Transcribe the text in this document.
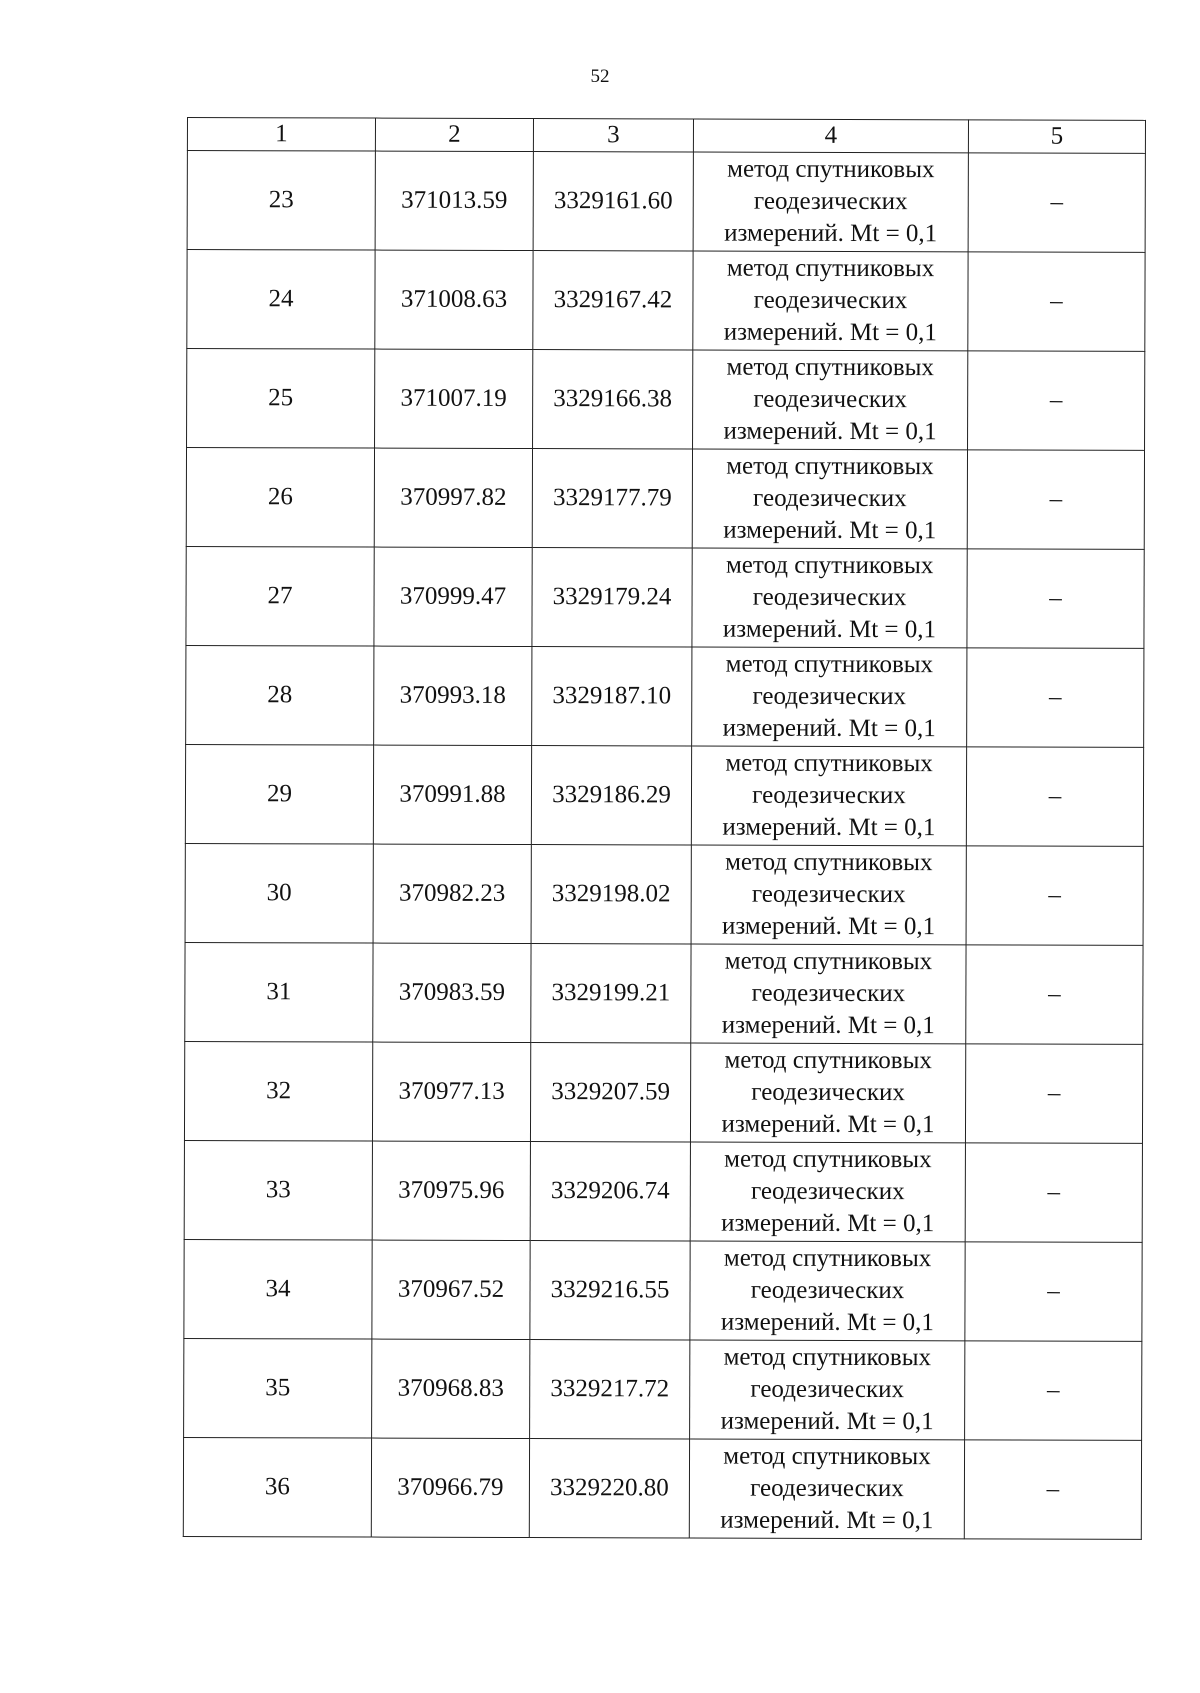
52
1	2	3	4	5
23	371013.59	3329161.60	метод спутниковых
геодезических
измерений. Mt = 0,1	–
24	371008.63	3329167.42	метод спутниковых
геодезических
измерений. Mt = 0,1	–
25	371007.19	3329166.38	метод спутниковых
геодезических
измерений. Mt = 0,1	–
26	370997.82	3329177.79	метод спутниковых
геодезических
измерений. Mt = 0,1	–
27	370999.47	3329179.24	метод спутниковых
геодезических
измерений. Mt = 0,1	–
28	370993.18	3329187.10	метод спутниковых
геодезических
измерений. Mt = 0,1	–
29	370991.88	3329186.29	метод спутниковых
геодезических
измерений. Mt = 0,1	–
30	370982.23	3329198.02	метод спутниковых
геодезических
измерений. Mt = 0,1	–
31	370983.59	3329199.21	метод спутниковых
геодезических
измерений. Mt = 0,1	–
32	370977.13	3329207.59	метод спутниковых
геодезических
измерений. Mt = 0,1	–
33	370975.96	3329206.74	метод спутниковых
геодезических
измерений. Mt = 0,1	–
34	370967.52	3329216.55	метод спутниковых
геодезических
измерений. Mt = 0,1	–
35	370968.83	3329217.72	метод спутниковых
геодезических
измерений. Mt = 0,1	–
36	370966.79	3329220.80	метод спутниковых
геодезических
измерений. Mt = 0,1	–
